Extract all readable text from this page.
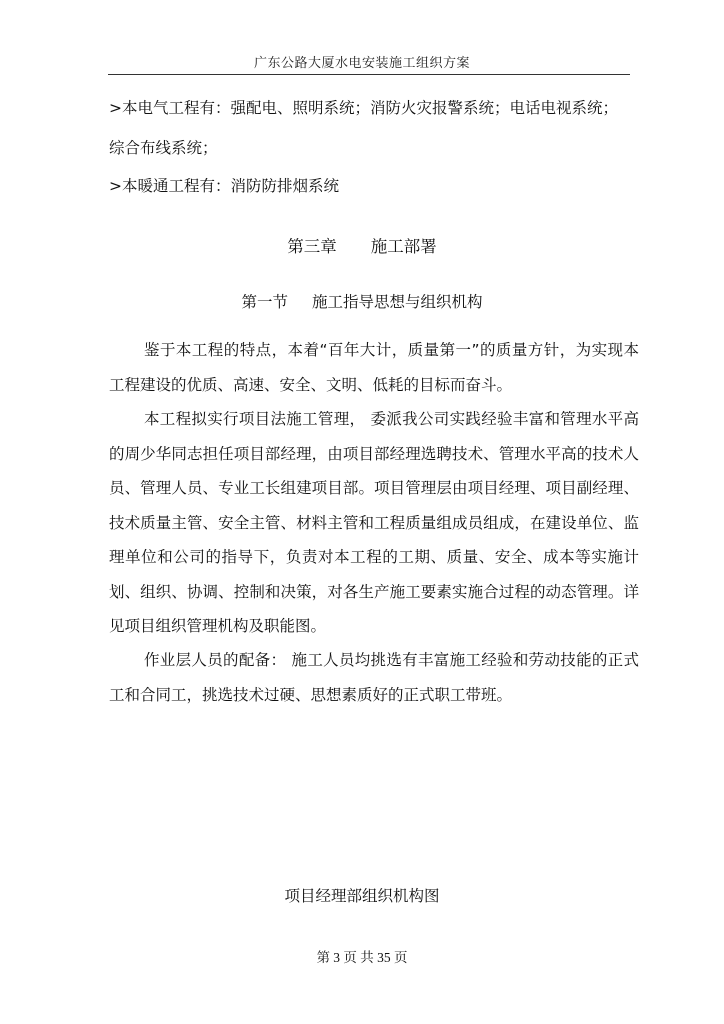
广东公路大厦水电安装施工组织方案
>本电气工程有：强配电、照明系统；消防火灾报警系统；电话电视系统；
综合布线系统；
>本暖通工程有：消防防排烟系统
第三章 施工部署
第一节 施工指导思想与组织机构

鉴于本工程的特点，本着“百年大计，质量第一”的质量方针，为实现本工程建设的优质、高速、安全、文明、低耗的目标而奋斗。

本工程拟实行项目法施工管理， 委派我公司实践经验丰富和管理水平高的周少华同志担任项目部经理，由项目部经理选聘技术、管理水平高的技术人员、管理人员、专业工长组建项目部。项目管理层由项目经理、项目副经理、技术质量主管、安全主管、材料主管和工程质量组成员组成，在建设单位、监理单位和公司的指导下，负责对本工程的工期、质量、安全、成本等实施计划、组织、协调、控制和决策，对各生产施工要素实施合过程的动态管理。详见项目组织管理机构及职能图。

作业层人员的配备： 施工人员均挑选有丰富施工经验和劳动技能的正式工和合同工，挑选技术过硬、思想素质好的正式职工带班。

项目经理部组织机构图
第 3 页 共 35 页
